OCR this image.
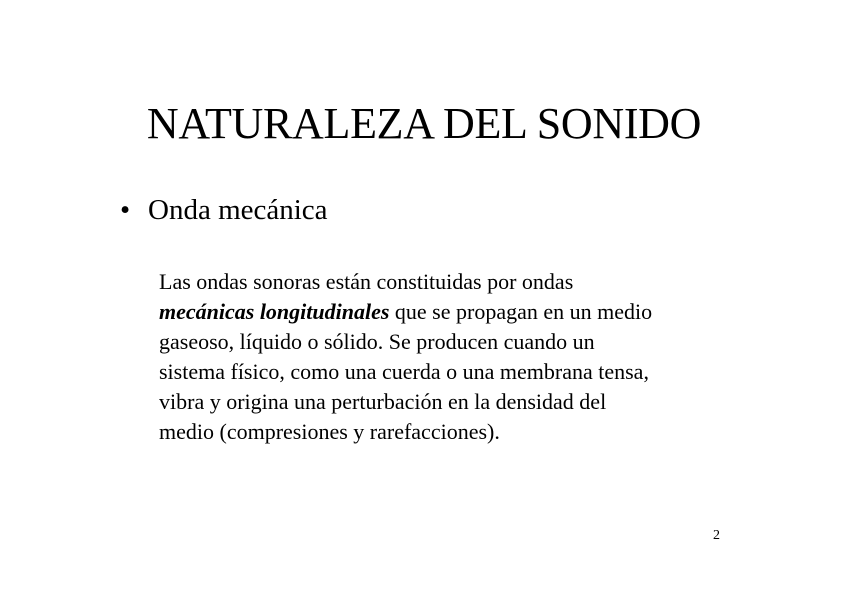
NATURALEZA DEL SONIDO
• Onda mecánica
Las ondas sonoras están constituidas por ondas
mecánicas longitudinales que se propagan en un medio
gaseoso, líquido o sólido. Se producen cuando un
sistema físico, como una cuerda o una membrana tensa,
vibra y origina una perturbación en la densidad del
medio (compresiones y rarefacciones).
2
